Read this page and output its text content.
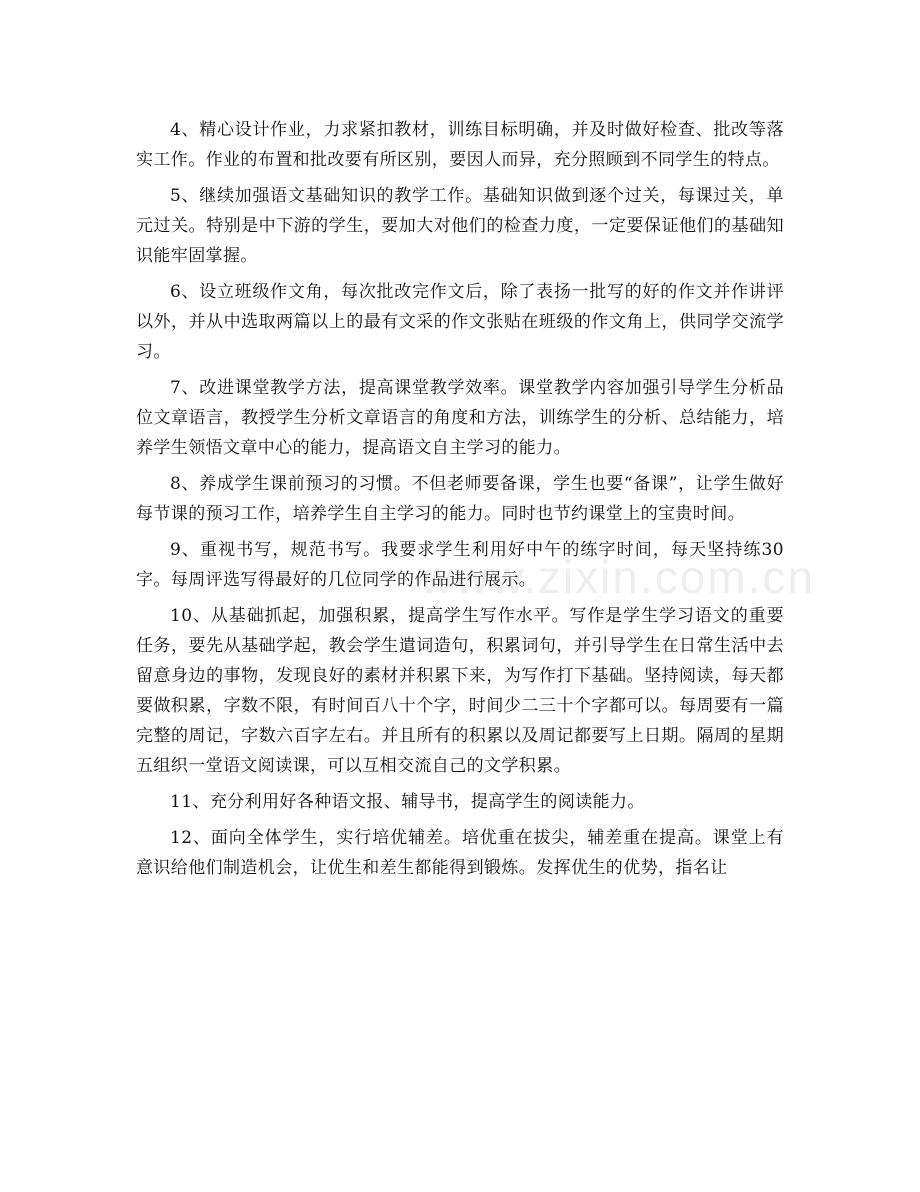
www.zixin.com.cn

4、精心设计作业，力求紧扣教材，训练目标明确，并及时做好检查、批改等落实工作。作业的布置和批改要有所区别，要因人而异，充分照顾到不同学生的特点。

5、继续加强语文基础知识的教学工作。基础知识做到逐个过关，每课过关，单元过关。特别是中下游的学生，要加大对他们的检查力度，一定要保证他们的基础知识能牢固掌握。

6、设立班级作文角，每次批改完作文后，除了表扬一批写的好的作文并作讲评以外，并从中选取两篇以上的最有文采的作文张贴在班级的作文角上，供同学交流学习。

7、改进课堂教学方法，提高课堂教学效率。课堂教学内容加强引导学生分析品位文章语言，教授学生分析文章语言的角度和方法，训练学生的分析、总结能力，培养学生领悟文章中心的能力，提高语文自主学习的能力。

8、养成学生课前预习的习惯。不但老师要备课，学生也要“备课”，让学生做好每节课的预习工作，培养学生自主学习的能力。同时也节约课堂上的宝贵时间。

9、重视书写，规范书写。我要求学生利用好中午的练字时间，每天坚持练30字。每周评选写得最好的几位同学的作品进行展示。

10、从基础抓起，加强积累，提高学生写作水平。写作是学生学习语文的重要任务，要先从基础学起，教会学生遣词造句，积累词句，并引导学生在日常生活中去留意身边的事物，发现良好的素材并积累下来，为写作打下基础。坚持阅读，每天都要做积累，字数不限，有时间百八十个字，时间少二三十个字都可以。每周要有一篇完整的周记，字数六百字左右。并且所有的积累以及周记都要写上日期。隔周的星期五组织一堂语文阅读课，可以互相交流自己的文学积累。

11、充分利用好各种语文报、辅导书，提高学生的阅读能力。

12、面向全体学生，实行培优辅差。培优重在拔尖，辅差重在提高。课堂上有意识给他们制造机会，让优生和差生都能得到锻炼。发挥优生的优势，指名让
